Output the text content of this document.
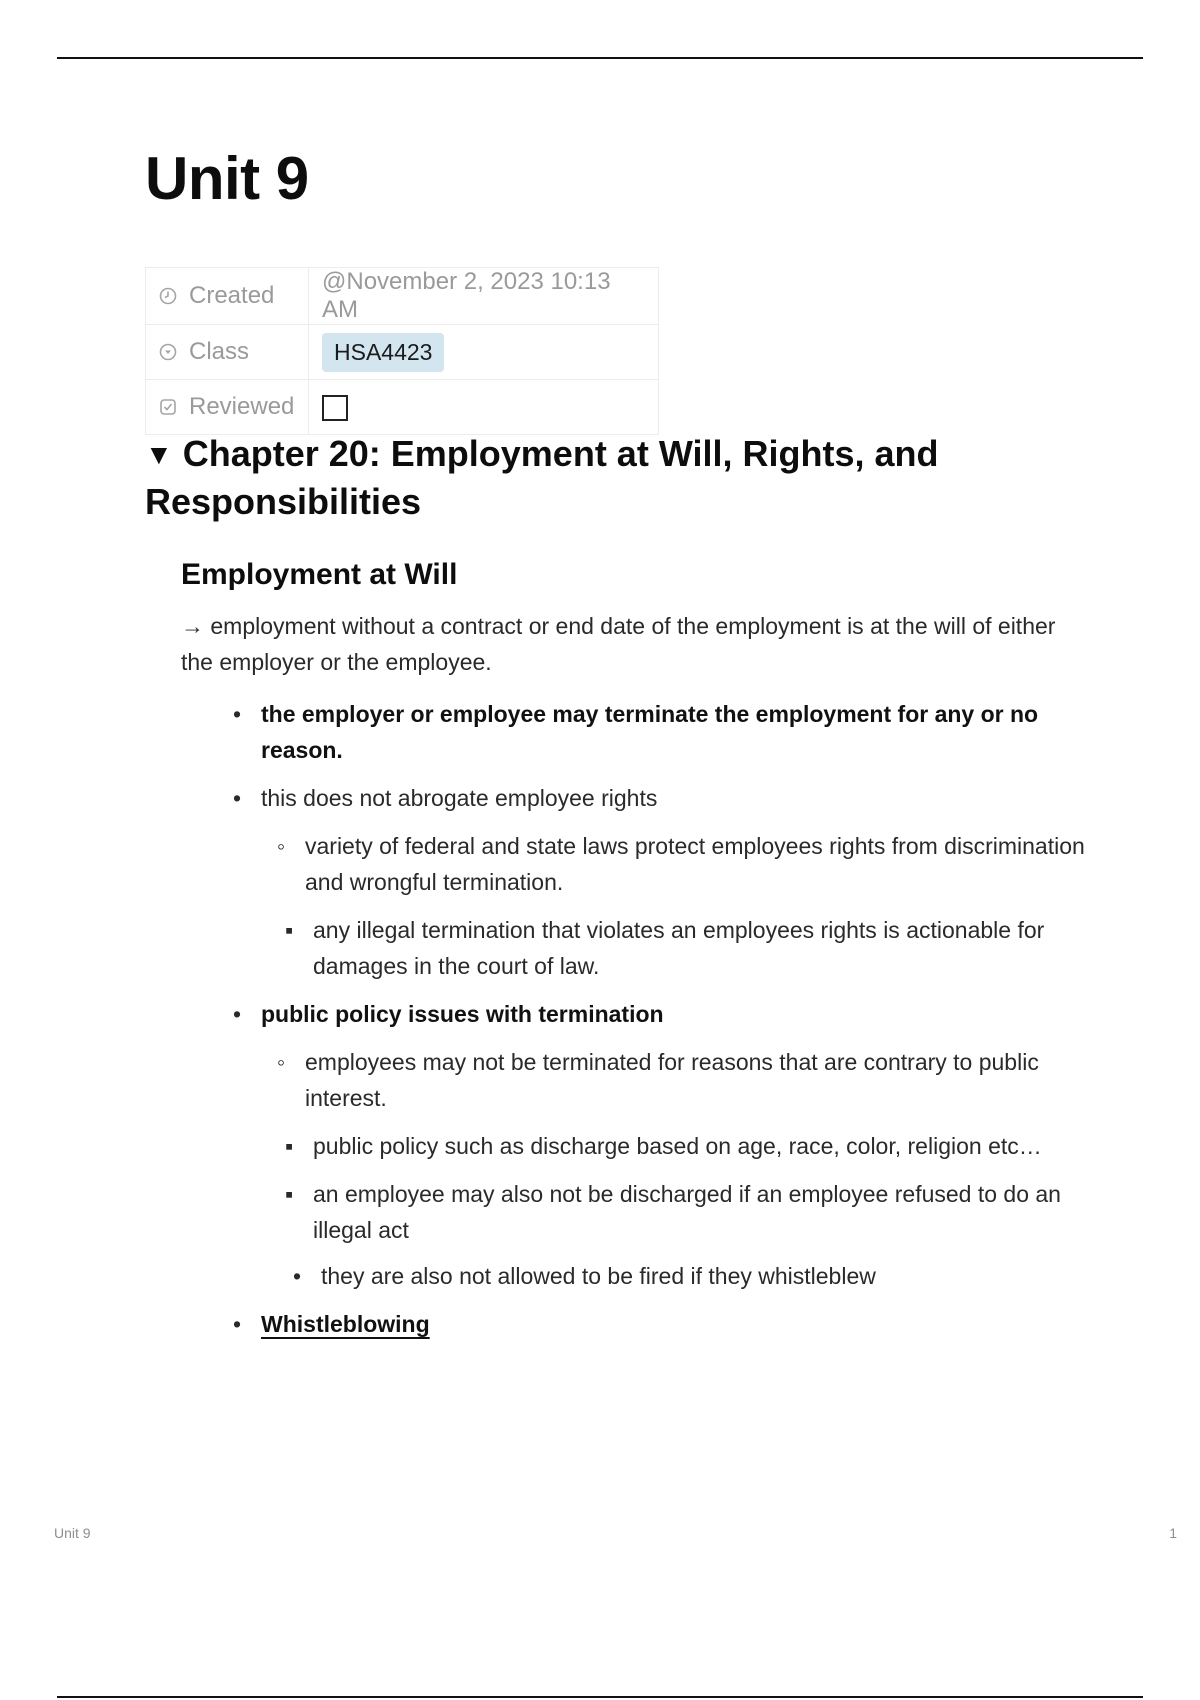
Unit 9
Created	@November 2, 2023 10:13 AM
Class	HSA4423
Reviewed	
▼ Chapter 20: Employment at Will, Rights, and Responsibilities
Employment at Will

→ employment without a contract or end date of the employment is at the will of either the employer or the employee.

• the employer or employee may terminate the employment for any or no reason.
• this does not abrogate employee rights
◦ variety of federal and state laws protect employees rights from discrimination and wrongful termination.
▪ any illegal termination that violates an employees rights is actionable for damages in the court of law.
• public policy issues with termination
◦ employees may not be terminated for reasons that are contrary to public interest.
▪ public policy such as discharge based on age, race, color, religion etc…
▪ an employee may also not be discharged if an employee refused to do an illegal act
• they are also not allowed to be fired if they whistleblew
• Whistleblowing
Unit 9	1
